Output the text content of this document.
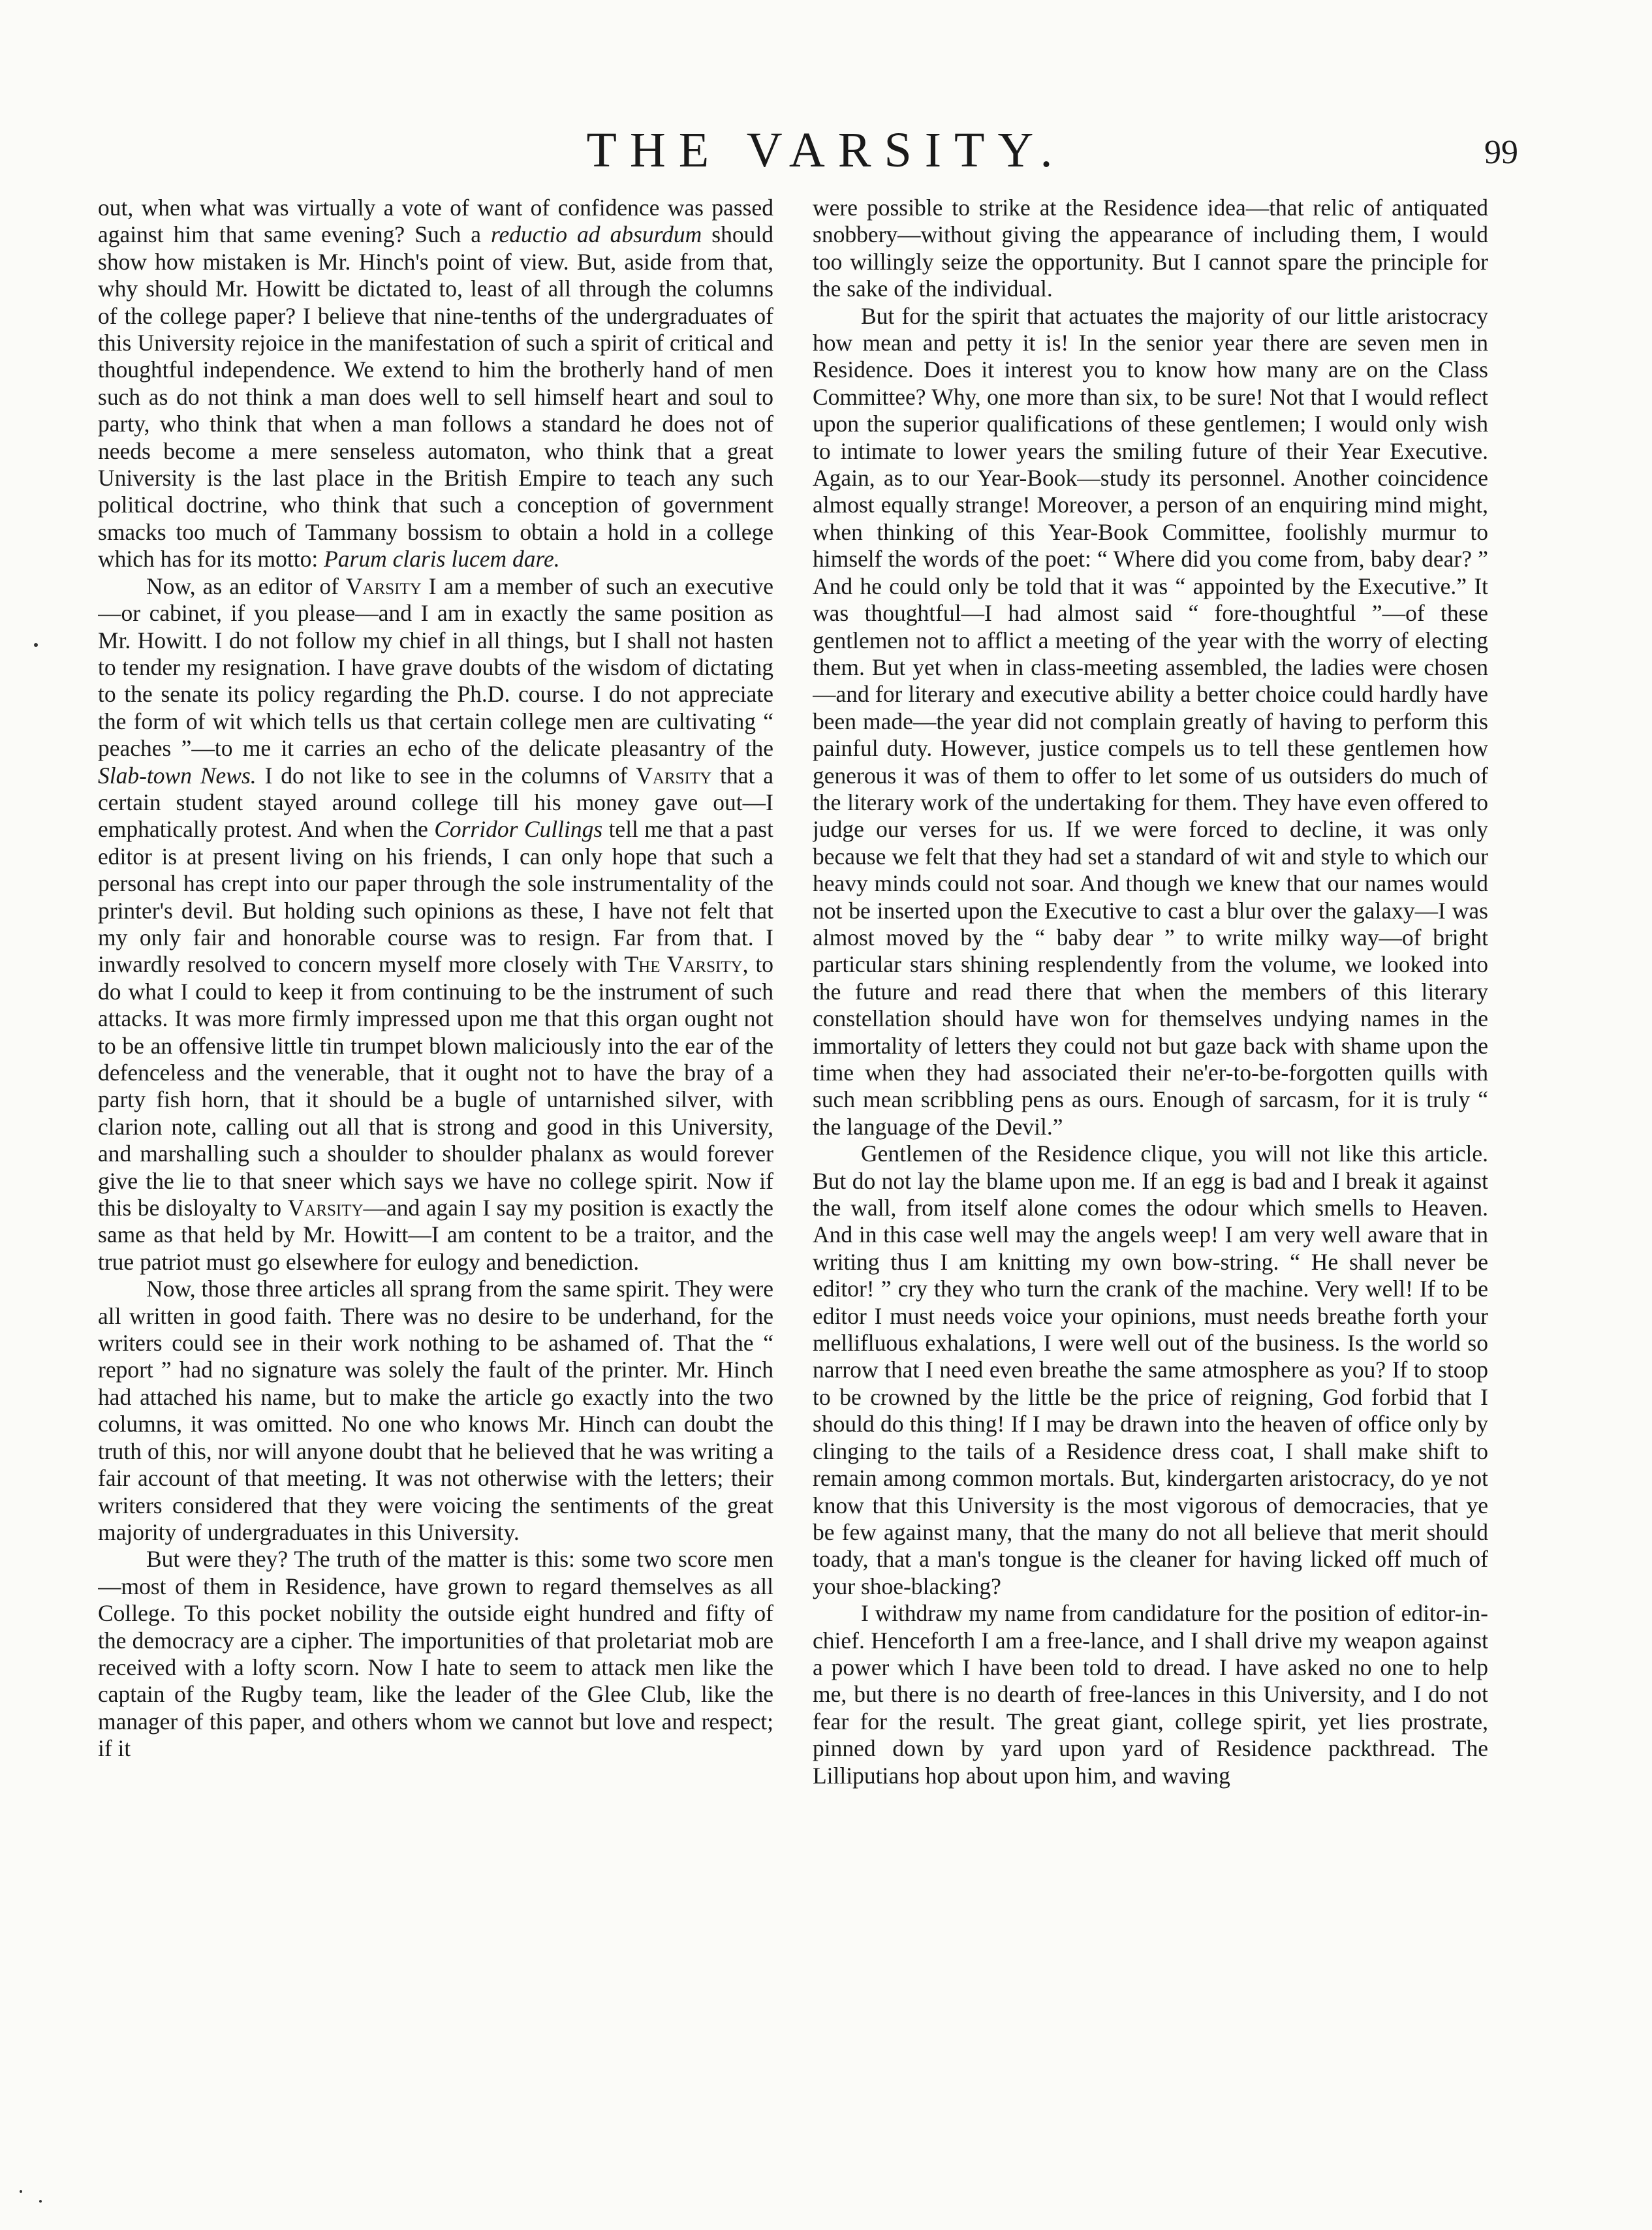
THE VARSITY.	99

out, when what was virtually a vote of want of confidence was passed against him that same evening? Such a reductio ad absurdum should show how mistaken is Mr. Hinch's point of view. But, aside from that, why should Mr. Howitt be dictated to, least of all through the columns of the college paper? I believe that nine-tenths of the undergraduates of this University rejoice in the manifestation of such a spirit of critical and thoughtful independence. We extend to him the brotherly hand of men such as do not think a man does well to sell himself heart and soul to party, who think that when a man follows a standard he does not of needs become a mere senseless automaton, who think that a great University is the last place in the British Empire to teach any such political doctrine, who think that such a conception of government smacks too much of Tammany bossism to obtain a hold in a college which has for its motto: Parum claris lucem dare.

Now, as an editor of Varsity I am a member of such an executive—or cabinet, if you please—and I am in exactly the same position as Mr. Howitt. I do not follow my chief in all things, but I shall not hasten to tender my resignation. I have grave doubts of the wisdom of dictating to the senate its policy regarding the Ph.D. course. I do not appreciate the form of wit which tells us that certain college men are cultivating “ peaches ”—to me it carries an echo of the delicate pleasantry of the Slab-town News. I do not like to see in the columns of Varsity that a certain student stayed around college till his money gave out—I emphatically protest. And when the Corridor Cullings tell me that a past editor is at present living on his friends, I can only hope that such a personal has crept into our paper through the sole instrumentality of the printer's devil. But holding such opinions as these, I have not felt that my only fair and honorable course was to resign. Far from that. I inwardly resolved to concern myself more closely with The Varsity, to do what I could to keep it from continuing to be the instrument of such attacks. It was more firmly impressed upon me that this organ ought not to be an offensive little tin trumpet blown maliciously into the ear of the defenceless and the venerable, that it ought not to have the bray of a party fish horn, that it should be a bugle of untarnished silver, with clarion note, calling out all that is strong and good in this University, and marshalling such a shoulder to shoulder phalanx as would forever give the lie to that sneer which says we have no college spirit. Now if this be disloyalty to Varsity—and again I say my position is exactly the same as that held by Mr. Howitt—I am content to be a traitor, and the true patriot must go elsewhere for eulogy and benediction.

Now, those three articles all sprang from the same spirit. They were all written in good faith. There was no desire to be underhand, for the writers could see in their work nothing to be ashamed of. That the “ report ” had no signature was solely the fault of the printer. Mr. Hinch had attached his name, but to make the article go exactly into the two columns, it was omitted. No one who knows Mr. Hinch can doubt the truth of this, nor will anyone doubt that he believed that he was writing a fair account of that meeting. It was not otherwise with the letters; their writers considered that they were voicing the sentiments of the great majority of undergraduates in this University.

But were they? The truth of the matter is this: some two score men—most of them in Residence, have grown to regard themselves as all College. To this pocket nobility the outside eight hundred and fifty of the democracy are a cipher. The importunities of that proletariat mob are received with a lofty scorn. Now I hate to seem to attack men like the captain of the Rugby team, like the leader of the Glee Club, like the manager of this paper, and others whom we cannot but love and respect; if it

were possible to strike at the Residence idea—that relic of antiquated snobbery—without giving the appearance of including them, I would too willingly seize the opportunity. But I cannot spare the principle for the sake of the individual.

But for the spirit that actuates the majority of our little aristocracy how mean and petty it is! In the senior year there are seven men in Residence. Does it interest you to know how many are on the Class Committee? Why, one more than six, to be sure! Not that I would reflect upon the superior qualifications of these gentlemen; I would only wish to intimate to lower years the smiling future of their Year Executive. Again, as to our Year-Book—study its personnel. Another coincidence almost equally strange! Moreover, a person of an enquiring mind might, when thinking of this Year-Book Committee, foolishly murmur to himself the words of the poet: “ Where did you come from, baby dear? ” And he could only be told that it was “ appointed by the Executive.” It was thoughtful—I had almost said “ fore-thoughtful ”—of these gentlemen not to afflict a meeting of the year with the worry of electing them. But yet when in class-meeting assembled, the ladies were chosen—and for literary and executive ability a better choice could hardly have been made—the year did not complain greatly of having to perform this painful duty. However, justice compels us to tell these gentlemen how generous it was of them to offer to let some of us outsiders do much of the literary work of the undertaking for them. They have even offered to judge our verses for us. If we were forced to decline, it was only because we felt that they had set a standard of wit and style to which our heavy minds could not soar. And though we knew that our names would not be inserted upon the Executive to cast a blur over the galaxy—I was almost moved by the “ baby dear ” to write milky way—of bright particular stars shining resplendently from the volume, we looked into the future and read there that when the members of this literary constellation should have won for themselves undying names in the immortality of letters they could not but gaze back with shame upon the time when they had associated their ne'er-to-be-forgotten quills with such mean scribbling pens as ours. Enough of sarcasm, for it is truly “ the language of the Devil.”

Gentlemen of the Residence clique, you will not like this article. But do not lay the blame upon me. If an egg is bad and I break it against the wall, from itself alone comes the odour which smells to Heaven. And in this case well may the angels weep! I am very well aware that in writing thus I am knitting my own bow-string. “ He shall never be editor! ” cry they who turn the crank of the machine. Very well! If to be editor I must needs voice your opinions, must needs breathe forth your mellifluous exhalations, I were well out of the business. Is the world so narrow that I need even breathe the same atmosphere as you? If to stoop to be crowned by the little be the price of reigning, God forbid that I should do this thing! If I may be drawn into the heaven of office only by clinging to the tails of a Residence dress coat, I shall make shift to remain among common mortals. But, kindergarten aristocracy, do ye not know that this University is the most vigorous of democracies, that ye be few against many, that the many do not all believe that merit should toady, that a man's tongue is the cleaner for having licked off much of your shoe-blacking?

I withdraw my name from candidature for the position of editor-in-chief. Henceforth I am a free-lance, and I shall drive my weapon against a power which I have been told to dread. I have asked no one to help me, but there is no dearth of free-lances in this University, and I do not fear for the result. The great giant, college spirit, yet lies prostrate, pinned down by yard upon yard of Residence packthread. The Lilliputians hop about upon him, and waving
